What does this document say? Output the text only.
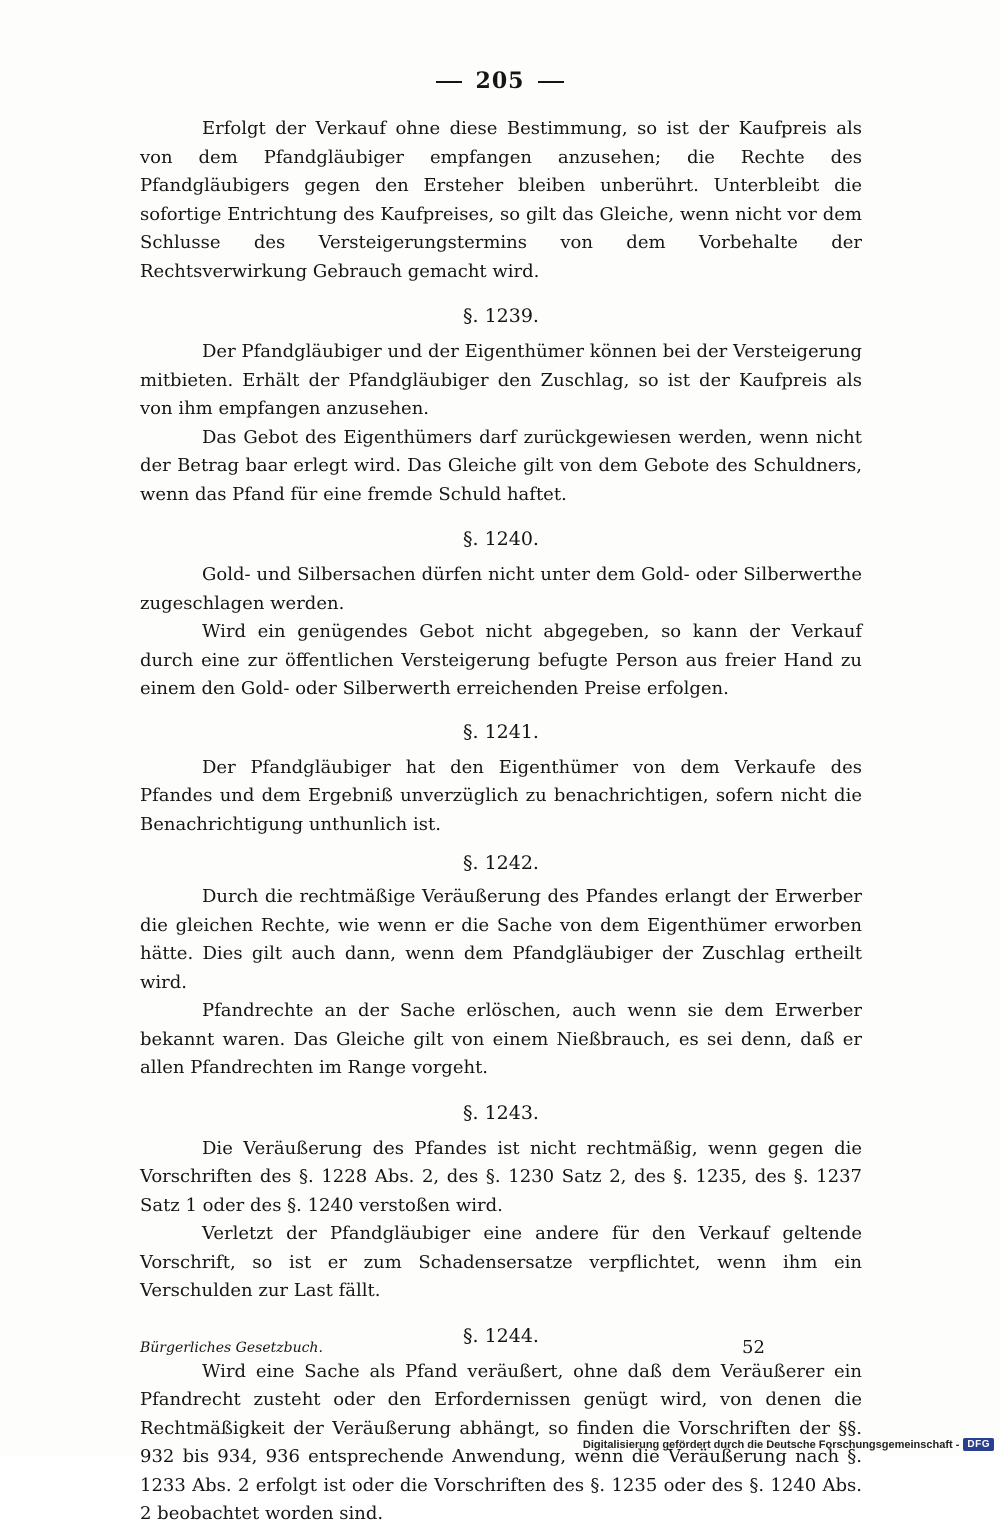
205

Erfolgt der Verkauf ohne diese Bestimmung, so ist der Kaufpreis als von dem Pfandgläubiger empfangen anzusehen; die Rechte des Pfandgläubigers gegen den Ersteher bleiben unberührt. Unterbleibt die sofortige Entrichtung des Kaufpreises, so gilt das Gleiche, wenn nicht vor dem Schlusse des Versteigerungstermins von dem Vorbehalte der Rechtsverwirkung Gebrauch gemacht wird.

§. 1239.

Der Pfandgläubiger und der Eigenthümer können bei der Versteigerung mitbieten. Erhält der Pfandgläubiger den Zuschlag, so ist der Kaufpreis als von ihm empfangen anzusehen.

Das Gebot des Eigenthümers darf zurückgewiesen werden, wenn nicht der Betrag baar erlegt wird. Das Gleiche gilt von dem Gebote des Schuldners, wenn das Pfand für eine fremde Schuld haftet.

§. 1240.

Gold- und Silbersachen dürfen nicht unter dem Gold- oder Silberwerthe zugeschlagen werden.

Wird ein genügendes Gebot nicht abgegeben, so kann der Verkauf durch eine zur öffentlichen Versteigerung befugte Person aus freier Hand zu einem den Gold- oder Silberwerth erreichenden Preise erfolgen.

§. 1241.

Der Pfandgläubiger hat den Eigenthümer von dem Verkaufe des Pfandes und dem Ergebniß unverzüglich zu benachrichtigen, sofern nicht die Benachrichtigung unthunlich ist.

§. 1242.

Durch die rechtmäßige Veräußerung des Pfandes erlangt der Erwerber die gleichen Rechte, wie wenn er die Sache von dem Eigenthümer erworben hätte. Dies gilt auch dann, wenn dem Pfandgläubiger der Zuschlag ertheilt wird.

Pfandrechte an der Sache erlöschen, auch wenn sie dem Erwerber bekannt waren. Das Gleiche gilt von einem Nießbrauch, es sei denn, daß er allen Pfandrechten im Range vorgeht.

§. 1243.

Die Veräußerung des Pfandes ist nicht rechtmäßig, wenn gegen die Vorschriften des §. 1228 Abs. 2, des §. 1230 Satz 2, des §. 1235, des §. 1237 Satz 1 oder des §. 1240 verstoßen wird.

Verletzt der Pfandgläubiger eine andere für den Verkauf geltende Vorschrift, so ist er zum Schadensersatze verpflichtet, wenn ihm ein Verschulden zur Last fällt.

§. 1244.

Wird eine Sache als Pfand veräußert, ohne daß dem Veräußerer ein Pfandrecht zusteht oder den Erfordernissen genügt wird, von denen die Rechtmäßigkeit der Veräußerung abhängt, so finden die Vorschriften der §§. 932 bis 934, 936 entsprechende Anwendung, wenn die Veräußerung nach §. 1233 Abs. 2 erfolgt ist oder die Vorschriften des §. 1235 oder des §. 1240 Abs. 2 beobachtet worden sind.

Bürgerliches Gesetzbuch.	52
Digitalisierung gefördert durch die Deutsche Forschungsgemeinschaft - DFG
